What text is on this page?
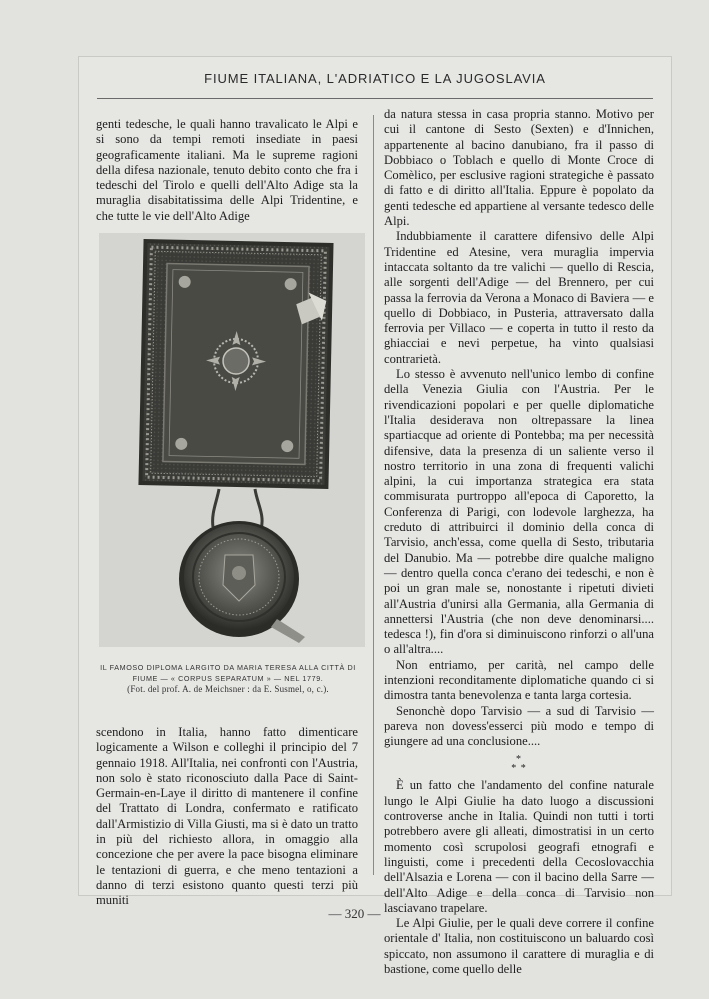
FIUME ITALIANA, L'ADRIATICO E LA JUGOSLAVIA

genti tedesche, le quali hanno travalicato le Alpi e si sono da tempi remoti insediate in paesi geograficamente italiani. Ma le supreme ragioni della difesa nazionale, tenuto debito conto che fra i tedeschi del Tirolo e quelli dell'Alto Adige sta la muraglia disabitatissima delle Alpi Tridentine, e che tutte le vie dell'Alto Adige

IL FAMOSO DIPLOMA LARGITO DA MARIA TERESA ALLA CITTÀ DI
FIUME — « CORPUS SEPARATUM » — NEL 1779.
(Fot. del prof. A. de Meichsner : da E. Susmel, o, c.).

scendono in Italia, hanno fatto dimenticare logicamente a Wilson e colleghi il principio del 7 gennaio 1918. All'Italia, nei confronti con l'Austria, non solo è stato riconosciuto dalla Pace di Saint-Germain-en-Laye il diritto di mantenere il confine del Trattato di Londra, confermato e ratificato dall'Armistizio di Villa Giusti, ma si è dato un tratto in più del richiesto allora, in omaggio alla concezione che per avere la pace bisogna eliminare le tentazioni di guerra, e che meno tentazioni a danno di terzi esistono quanto questi terzi più muniti

da natura stessa in casa propria stanno. Motivo per cui il cantone di Sesto (Sexten) e d'Innichen, appartenente al bacino danubiano, fra il passo di Dobbiaco o Toblach e quello di Monte Croce di Comèlico, per esclusive ragioni strategiche è passato di fatto e di diritto all'Italia. Eppure è popolato da genti tedesche ed appartiene al versante tedesco delle Alpi.

Indubbiamente il carattere difensivo delle Alpi Tridentine ed Atesine, vera muraglia impervia intaccata soltanto da tre valichi — quello di Rescia, alle sorgenti dell'Adige — del Brennero, per cui passa la ferrovia da Verona a Monaco di Baviera — e quello di Dobbiaco, in Pusteria, attraversato dalla ferrovia per Villaco — e coperta in tutto il resto da ghiacciai e nevi perpetue, ha vinto qualsiasi contrarietà.

Lo stesso è avvenuto nell'unico lembo di confine della Venezia Giulia con l'Austria. Per le rivendicazioni popolari e per quelle diplomatiche l'Italia desiderava non oltrepassare la linea spartiacque ad oriente di Pontebba; ma per necessità difensive, data la presenza di un saliente verso il nostro territorio in una zona di frequenti valichi alpini, la cui importanza strategica era stata commisurata purtroppo all'epoca di Caporetto, la Conferenza di Parigi, con lodevole larghezza, ha creduto di attribuirci il dominio della conca di Tarvisio, anch'essa, come quella di Sesto, tributaria del Danubio. Ma — potrebbe dire qualche maligno — dentro quella conca c'erano dei tedeschi, e non è poi un gran male se, nonostante i ripetuti divieti all'Austria d'unirsi alla Germania, alla Germania di annettersi l'Austria (che non deve denominarsi.... tedesca !), fin d'ora si diminuiscono rinforzi o all'una o all'altra....

Non entriamo, per carità, nel campo delle intenzioni reconditamente diplomatiche quando ci si dimostra tanta benevolenza e tanta larga cortesia.

Senonchè dopo Tarvisio — a sud di Tarvisio — pareva non dovess'esserci più modo e tempo di giungere ad una conclusione....

*
* *

È un fatto che l'andamento del confine naturale lungo le Alpi Giulie ha dato luogo a discussioni controverse anche in Italia. Quindi non tutti i torti potrebbero avere gli alleati, dimostratisi in un certo momento così scrupolosi geografi etnografi e linguisti, come i precedenti della Cecoslovacchia dell'Alsazia e Lorena — con il bacino della Sarre — dell'Alto Adige e della conca di Tarvisio non lasciavano trapelare.

Le Alpi Giulie, per le quali deve correre il confine orientale d' Italia, non costituiscono un baluardo così spiccato, non assumono il carattere di muraglia e di bastione, come quello delle

— 320 —
